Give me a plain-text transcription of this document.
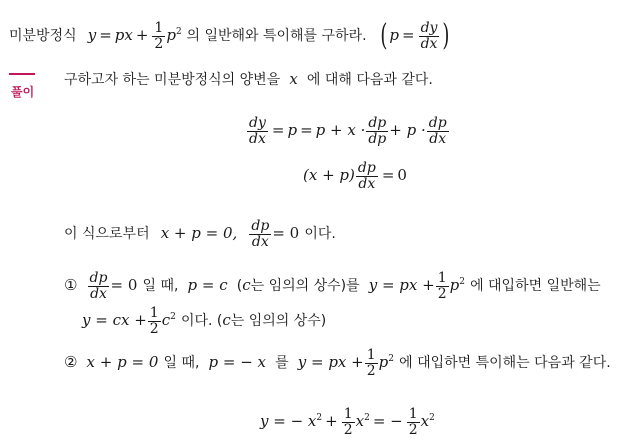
미분방정식 y = px + $\frac{1}{2} p^2$ 의 일반해와 특이해를 구하라. ( $p = \frac{dy}{dx}$ )
풀이
구하고자 하는 미분방정식의 양변을 x 에 대해 다음과 같다.
$\frac{dy}{dx} = p = p + x \cdot \frac{dp}{dp} + p \cdot \frac{dp}{dx}$
$(x + p) \frac{dp}{dx} = 0$
이 식으로부터 x + p = 0, $\frac{dp}{dx} = 0$ 이다.
① $\frac{dp}{dx} = 0$ 일 때, p = c (c는 임의의 상수)를 y = px + $\frac{1}{2} p^2$ 에 대입하면 일반해는
y = cx + $\frac{1}{2} c^2$ 이다. (c는 임의의 상수)
② x + p = 0 일 때, p = − x 를 y = px + $\frac{1}{2} p^2$ 에 대입하면 특이해는 다음과 같다.
y = − $x^2 + \frac{1}{2} x^2$ = − $\frac{1}{2} x^2$
